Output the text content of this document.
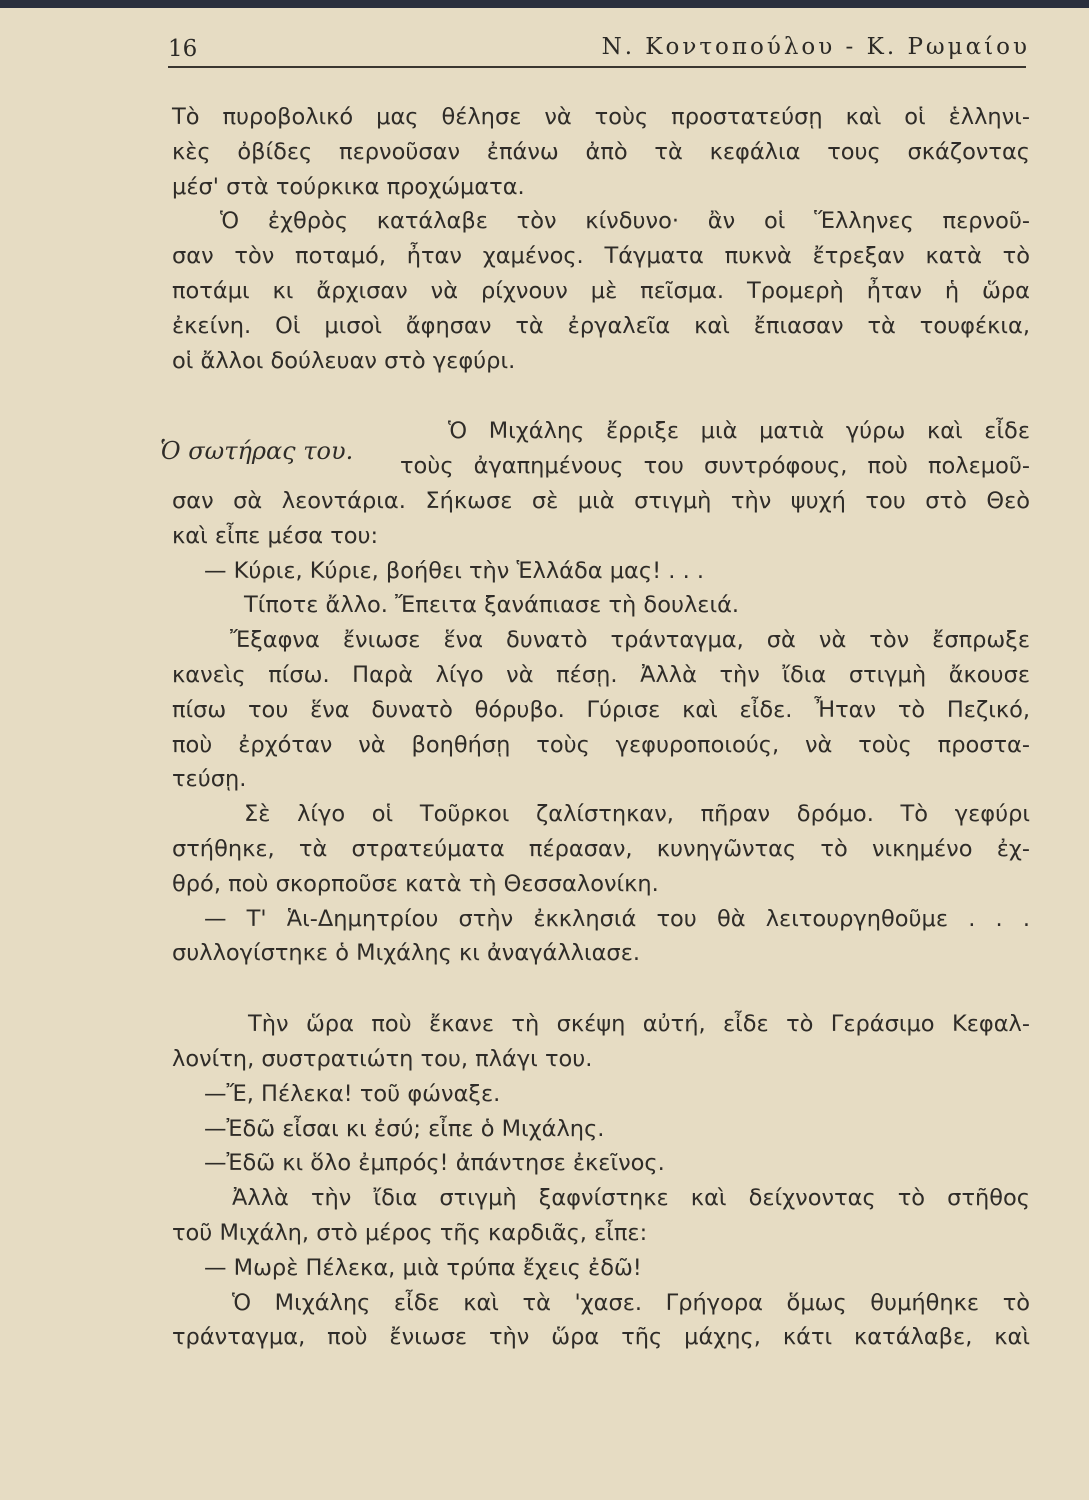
16	Ν. Κοντοπούλου - Κ. Ρωμαίου
Τὸ πυροβολικό μας θέλησε νὰ τοὺς προστατεύσῃ καὶ οἱ ἑλληνι-
κὲς ὀβίδες περνοῦσαν ἐπάνω ἀπὸ τὰ κεφάλια τους σκάζοντας
μέσ' στὰ τούρκικα προχώματα.
Ὁ ἐχθρὸς κατάλαβε τὸν κίνδυνο· ἂν οἱ Ἕλληνες περνοῦ-
σαν τὸν ποταμό, ἦταν χαμένος. Τάγματα πυκνὰ ἔτρεξαν κατὰ τὸ
ποτάμι κι ἄρχισαν νὰ ρίχνουν μὲ πεῖσμα. Τρομερὴ ἦταν ἡ ὥρα
ἐκείνη. Οἱ μισοὶ ἄφησαν τὰ ἐργαλεῖα καὶ ἔπιασαν τὰ τουφέκια,
οἱ ἄλλοι δούλευαν στὸ γεφύρι.
Ὁ σωτήρας του.
Ὁ Μιχάλης ἔρριξε μιὰ ματιὰ γύρω καὶ εἶδε
τοὺς ἀγαπημένους του συντρόφους, ποὺ πολεμοῦ-
σαν σὰ λεοντάρια. Σήκωσε σὲ μιὰ στιγμὴ τὴν ψυχή του στὸ Θεὸ
καὶ εἶπε μέσα του:
— Κύριε, Κύριε, βοήθει τὴν Ἑλλάδα μας! . . .
Τίποτε ἄλλο. Ἔπειτα ξανάπιασε τὴ δουλειά.
Ἔξαφνα ἔνιωσε ἕνα δυνατὸ τράνταγμα, σὰ νὰ τὸν ἔσπρωξε
κανεὶς πίσω. Παρὰ λίγο νὰ πέσῃ. Ἀλλὰ τὴν ἴδια στιγμὴ ἄκουσε
πίσω του ἕνα δυνατὸ θόρυβο. Γύρισε καὶ εἶδε. Ἦταν τὸ Πεζικό,
ποὺ ἐρχόταν νὰ βοηθήσῃ τοὺς γεφυροποιούς, νὰ τοὺς προστα-
τεύσῃ.
Σὲ λίγο οἱ Τοῦρκοι ζαλίστηκαν, πῆραν δρόμο. Τὸ γεφύρι
στήθηκε, τὰ στρατεύματα πέρασαν, κυνηγῶντας τὸ νικημένο ἐχ-
θρό, ποὺ σκορποῦσε κατὰ τὴ Θεσσαλονίκη.
— Τ' Ἁι-Δημητρίου στὴν ἐκκλησιά του θὰ λειτουργηθοῦμε . . .
συλλογίστηκε ὁ Μιχάλης κι ἀναγάλλιασε.
Τὴν ὥρα ποὺ ἔκανε τὴ σκέψη αὐτή, εἶδε τὸ Γεράσιμο Κεφαλ-
λονίτη, συστρατιώτη του, πλάγι του.
—Ἔ, Πέλεκα! τοῦ φώναξε.
—Ἐδῶ εἶσαι κι ἐσύ; εἶπε ὁ Μιχάλης.
—Ἐδῶ κι ὅλο ἐμπρός! ἀπάντησε ἐκεῖνος.
Ἀλλὰ τὴν ἴδια στιγμὴ ξαφνίστηκε καὶ δείχνοντας τὸ στῆθος
τοῦ Μιχάλη, στὸ μέρος τῆς καρδιᾶς, εἶπε:
— Μωρὲ Πέλεκα, μιὰ τρύπα ἔχεις ἐδῶ!
Ὁ Μιχάλης εἶδε καὶ τὰ 'χασε. Γρήγορα ὅμως θυμήθηκε τὸ
τράνταγμα, ποὺ ἔνιωσε τὴν ὥρα τῆς μάχης, κάτι κατάλαβε, καὶ
